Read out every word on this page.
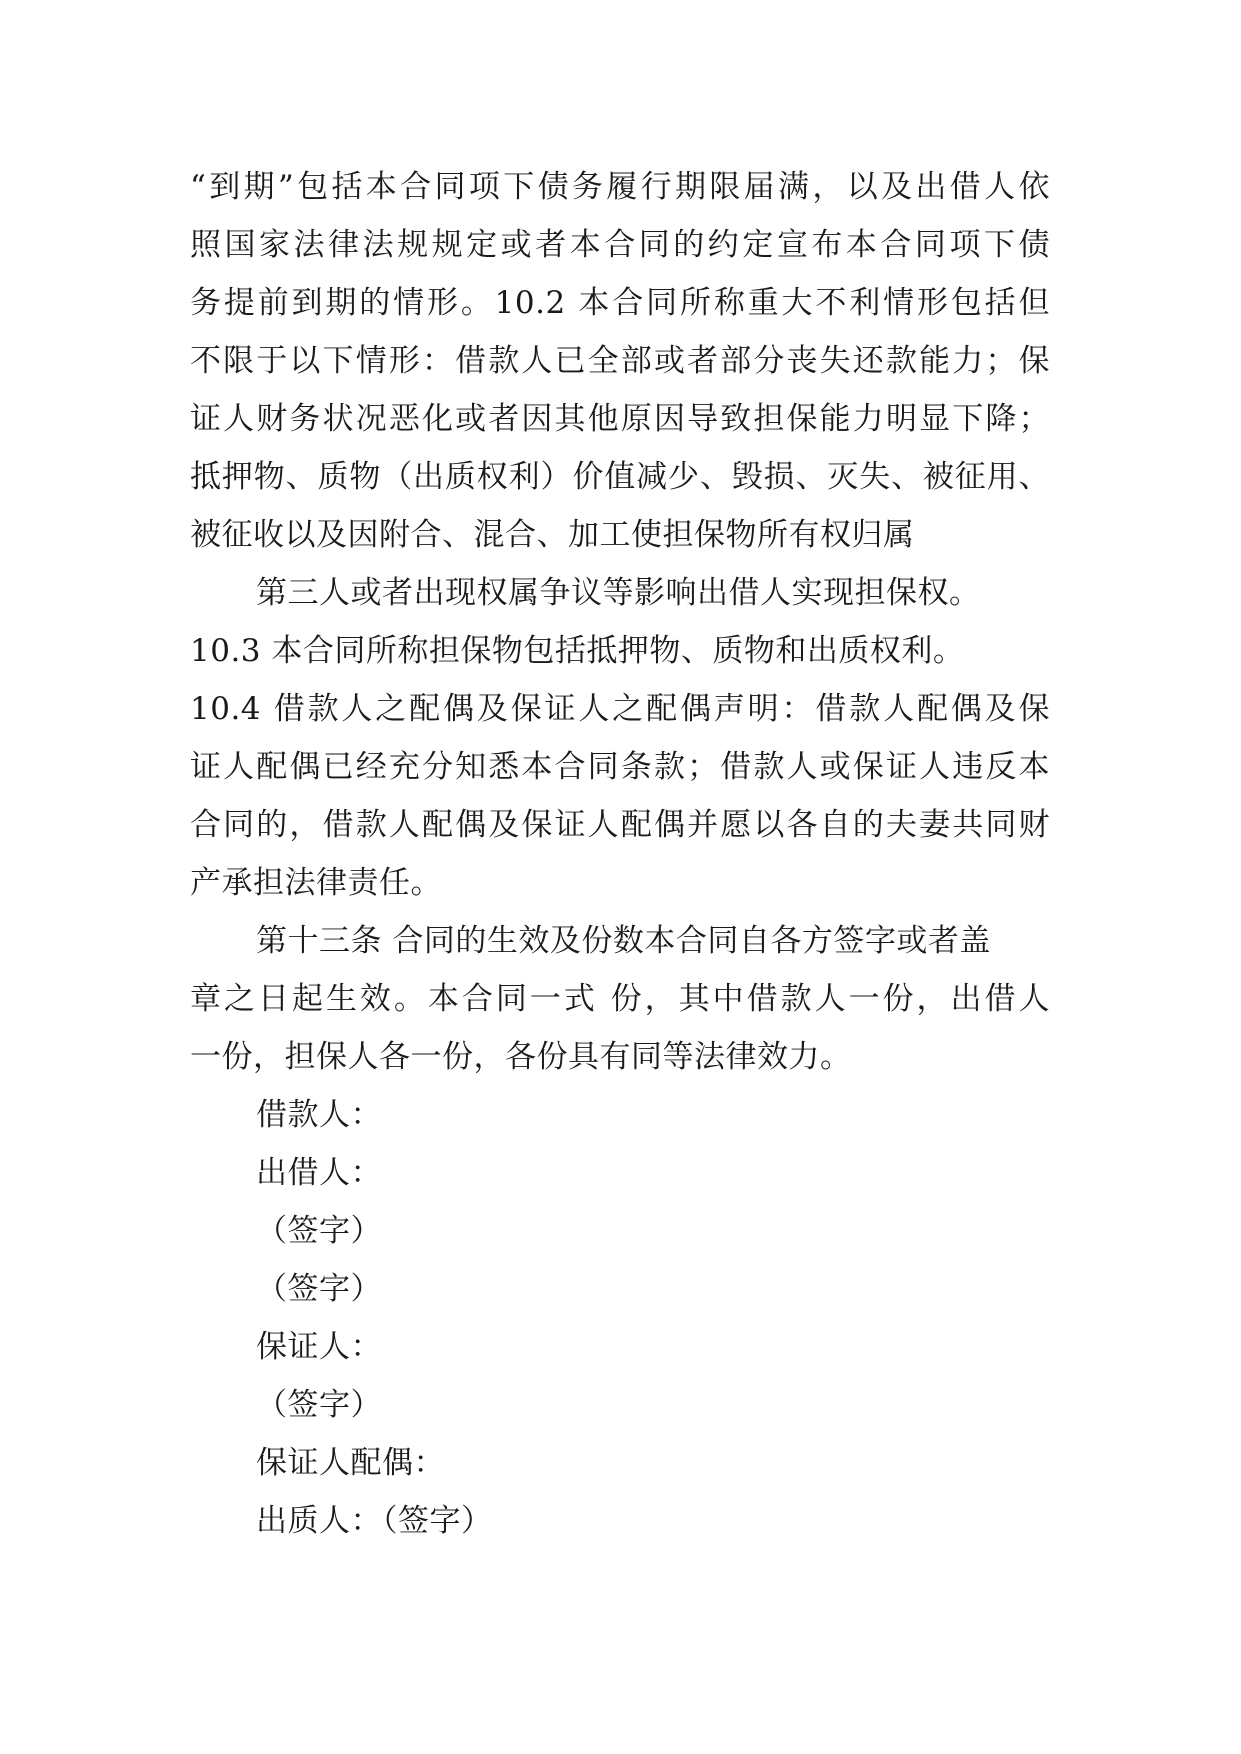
“到期”包括本合同项下债务履行期限届满，以及出借人依
照国家法律法规规定或者本合同的约定宣布本合同项下债
务提前到期的情形。10.2 本合同所称重大不利情形包括但
不限于以下情形：借款人已全部或者部分丧失还款能力；保
证人财务状况恶化或者因其他原因导致担保能力明显下降；
抵押物、质物（出质权利）价值减少、毁损、灭失、被征用、
被征收以及因附合、混合、加工使担保物所有权归属
第三人或者出现权属争议等影响出借人实现担保权。
10.3 本合同所称担保物包括抵押物、质物和出质权利。
10.4 借款人之配偶及保证人之配偶声明：借款人配偶及保
证人配偶已经充分知悉本合同条款；借款人或保证人违反本
合同的，借款人配偶及保证人配偶并愿以各自的夫妻共同财
产承担法律责任。
第十三条 合同的生效及份数本合同自各方签字或者盖
章之日起生效。本合同一式 份，其中借款人一份，出借人
一份，担保人各一份，各份具有同等法律效力。
借款人：
出借人：
（签字）
（签字）
保证人：
（签字）
保证人配偶：
出质人：（签字）
